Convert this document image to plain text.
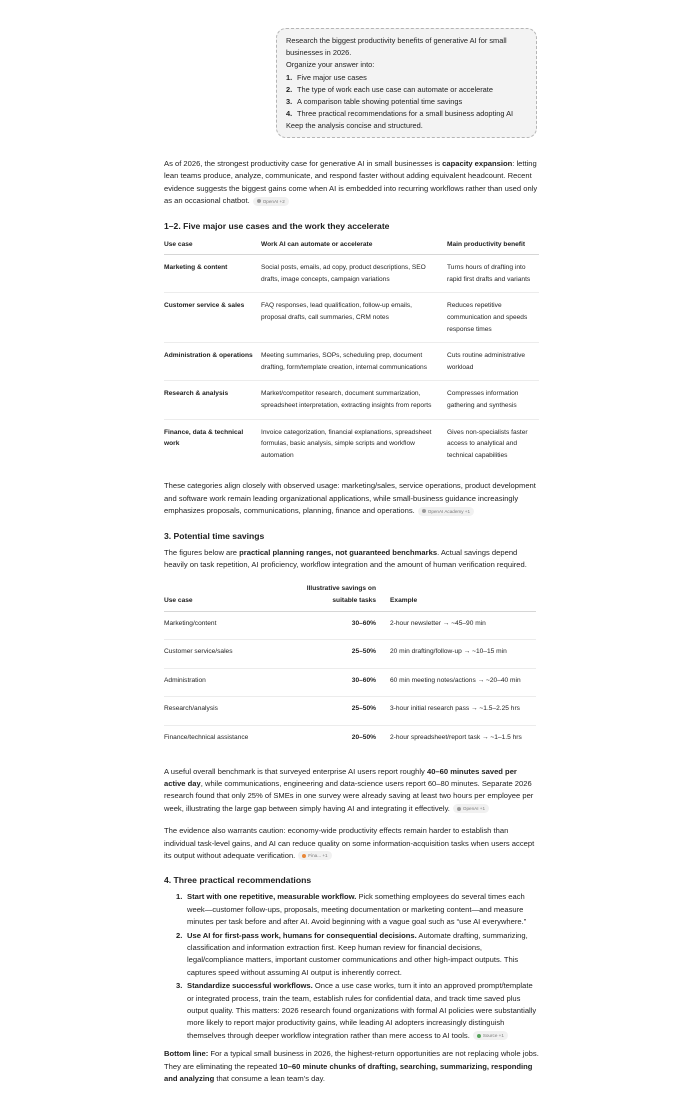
Research the biggest productivity benefits of generative AI for small businesses in 2026.
Organize your answer into:
1. Five major use cases
2. The type of work each use case can automate or accelerate
3. A comparison table showing potential time savings
4. Three practical recommendations for a small business adopting AI
Keep the analysis concise and structured.

As of 2026, the strongest productivity case for generative AI in small businesses is capacity expansion: letting lean teams produce, analyze, communicate, and respond faster without adding equivalent headcount. Recent evidence suggests the biggest gains come when AI is embedded into recurring workflows rather than used only as an occasional chatbot.	OpenAI +2

1–2. Five major use cases and the work they accelerate
Use case	Work AI can automate or accelerate	Main productivity benefit
Marketing & content	Social posts, emails, ad copy, product descriptions, SEO drafts, image concepts, campaign variations	Turns hours of drafting into rapid first drafts and variants
Customer service & sales	FAQ responses, lead qualification, follow-up emails, proposal drafts, call summaries, CRM notes	Reduces repetitive communication and speeds response times
Administration & operations	Meeting summaries, SOPs, scheduling prep, document drafting, form/template creation, internal communications	Cuts routine administrative workload
Research & analysis	Market/competitor research, document summarization, spreadsheet interpretation, extracting insights from reports	Compresses information gathering and synthesis
Finance, data & technical work	Invoice categorization, financial explanations, spreadsheet formulas, basic analysis, simple scripts and workflow automation	Gives non-specialists faster access to analytical and technical capabilities

These categories align closely with observed usage: marketing/sales, service operations, product development and software work remain leading organizational applications, while small-business guidance increasingly emphasizes proposals, communications, planning, finance and operations.	OpenAI Academy +1

3. Potential time savings

The figures below are practical planning ranges, not guaranteed benchmarks. Actual savings depend heavily on task repetition, AI proficiency, workflow integration and the amount of human verification required.

Use case	Illustrative savings on suitable tasks	Example
Marketing/content	30–60%	2-hour newsletter → ~45–90 min
Customer service/sales	25–50%	20 min drafting/follow-up → ~10–15 min
Administration	30–60%	60 min meeting notes/actions → ~20–40 min
Research/analysis	25–50%	3-hour initial research pass → ~1.5–2.25 hrs
Finance/technical assistance	20–50%	2-hour spreadsheet/report task → ~1–1.5 hrs

A useful overall benchmark is that surveyed enterprise AI users report roughly 40–60 minutes saved per active day, while communications, engineering and data-science users report 60–80 minutes. Separate 2026 research found that only 25% of SMEs in one survey were already saving at least two hours per employee per week, illustrating the large gap between simply having AI and integrating it effectively.	OpenAI +1

The evidence also warrants caution: economy-wide productivity effects remain harder to establish than individual task-level gains, and AI can reduce quality on some information-acquisition tasks when users accept its output without adequate verification.	Fina... +1

4. Three practical recommendations
1. Start with one repetitive, measurable workflow. Pick something employees do several times each week—customer follow-ups, proposals, meeting documentation or marketing content—and measure minutes per task before and after AI. Avoid beginning with a vague goal such as “use AI everywhere.”
2. Use AI for first-pass work, humans for consequential decisions. Automate drafting, summarizing, classification and information extraction first. Keep human review for financial decisions, legal/compliance matters, important customer communications and other high-impact outputs. This captures speed without assuming AI output is inherently correct.
3. Standardize successful workflows. Once a use case works, turn it into an approved prompt/template or integrated process, train the team, establish rules for confidential data, and track time saved plus output quality. This matters: 2026 research found organizations with formal AI policies were substantially more likely to report major productivity gains, while leading AI adopters increasingly distinguish themselves through deeper workflow integration rather than mere access to AI tools.	Source +1

Bottom line: For a typical small business in 2026, the highest-return opportunities are not replacing whole jobs. They are eliminating the repeated 10–60 minute chunks of drafting, searching, summarizing, responding and analyzing that consume a lean team’s day.
